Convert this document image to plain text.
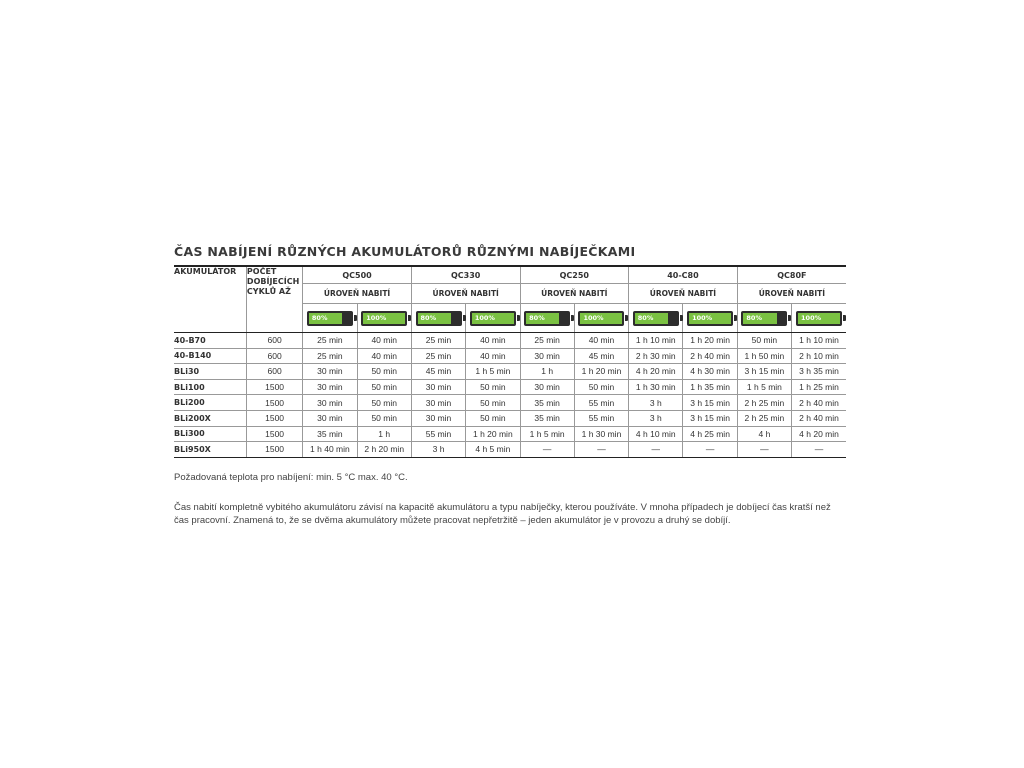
ČAS NABÍJENÍ RŮZNÝCH AKUMULÁTORŮ RŮZNÝMI NABÍJEČKAMI
AKUMULÁTOR	POČET
DOBÍJECÍCH
CYKLŮ AŽ	QC500		QC330		QC250		40-C80		QC80F	
		ÚROVEŇ NABITÍ		ÚROVEŇ NABITÍ		ÚROVEŇ NABITÍ		ÚROVEŇ NABITÍ		ÚROVEŇ NABITÍ	

		80%	100%	80%	100%	80%	100%	80%	100%	80%	100%

40-B70	600	25 min	40 min	25 min	40 min	25 min	40 min	1 h 10 min	1 h 20 min	50 min	1 h 10 min
40-B140	600	25 min	40 min	25 min	40 min	30 min	45 min	2 h 30 min	2 h 40 min	1 h 50 min	2 h 10 min
BLi30	600	30 min	50 min	45 min	1 h 5 min	1 h	1 h 20 min	4 h 20 min	4 h 30 min	3 h 15 min	3 h 35 min
BLi100	1500	30 min	50 min	30 min	50 min	30 min	50 min	1 h 30 min	1 h 35 min	1 h 5 min	1 h 25 min
BLi200	1500	30 min	50 min	30 min	50 min	35 min	55 min	3 h	3 h 15 min	2 h 25 min	2 h 40 min
BLi200X	1500	30 min	50 min	30 min	50 min	35 min	55 min	3 h	3 h 15 min	2 h 25 min	2 h 40 min
BLi300	1500	35 min	1 h	55 min	1 h 20 min	1 h 5 min	1 h 30 min	4 h 10 min	4 h 25 min	4 h	4 h 20 min
BLi950X	1500	1 h 40 min	2 h 20 min	3 h	4 h 5 min	—	—	—	—	—	—
Požadovaná teplota pro nabíjení: min. 5 °C max. 40 °C.
Čas nabití kompletně vybitého akumulátoru závisí na kapacitě akumulátoru a typu nabíječky, kterou používáte. V mnoha případech je dobíjecí čas kratší než čas pracovní. Znamená to, že se dvěma akumulátory můžete pracovat nepřetržitě – jeden akumulátor je v provozu a druhý se dobíjí.
